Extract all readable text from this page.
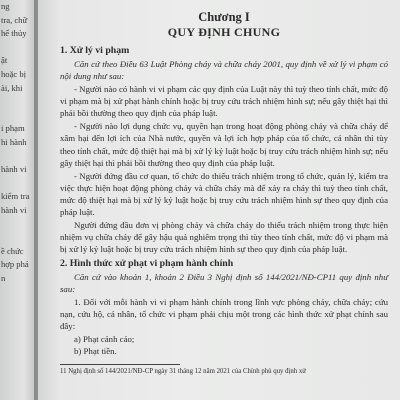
ng
tra, chữ
hể thủy

ật
hoặc bị
ài, khi

i phạm
hi hành

hành vi

kiểm tra
hành vi

ề chức
hợp phá
n

Chương I
QUY ĐỊNH CHUNG
1. Xử lý vi phạm
Căn cứ theo Điều 63 Luật Phòng cháy và chữa cháy 2001, quy định về xử lý vi phạm có nội dung như sau:
- Người nào có hành vi vi phạm các quy định của Luật này thì tuỳ theo tính chất, mức độ vi phạm mà bị xử phạt hành chính hoặc bị truy cứu trách nhiệm hình sự; nếu gây thiệt hại thì phải bồi thường theo quy định của pháp luật.
- Người nào lợi dụng chức vụ, quyền hạn trong hoạt động phòng cháy và chữa cháy để xâm hại đến lợi ích của Nhà nước, quyền và lợi ích hợp pháp của tổ chức, cá nhân thì tùy theo tính chất, mức độ thiệt hại mà bị xử lý kỷ luật hoặc bị truy cứu trách nhiệm hình sự; nếu gây thiệt hại thì phải bồi thường theo quy định của pháp luật.
- Người đứng đầu cơ quan, tổ chức do thiếu trách nhiệm trong tổ chức, quản lý, kiểm tra việc thực hiện hoạt động phòng cháy và chữa cháy mà để xảy ra cháy thì tuỳ theo tính chất, mức độ thiệt hại mà bị xử lý kỷ luật hoặc bị truy cứu trách nhiệm hình sự theo quy định của pháp luật.
Người đứng đầu đơn vị phòng cháy và chữa cháy do thiếu trách nhiệm trong thực hiện nhiệm vụ chữa cháy để gây hậu quả nghiêm trọng thì tùy theo tính chất, mức độ vi phạm mà bị xử lý kỷ luật hoặc bị truy cứu trách nhiệm hình sự theo quy định của pháp luật.
2. Hình thức xử phạt vi phạm hành chính
Căn cứ vào khoản 1, khoản 2 Điều 3 Nghị định số 144/2021/NĐ-CP11 quy định như sau:
1. Đối với mỗi hành vi vi phạm hành chính trong lĩnh vực phòng cháy, chữa cháy; cứu nạn, cứu hộ, cá nhân, tổ chức vi phạm phải chịu một trong các hình thức xử phạt chính sau đây:
a) Phạt cảnh cáo;
b) Phạt tiền.
11 Nghị định số 144/2021/NĐ-CP ngày 31 tháng 12 năm 2021 của Chính phủ quy định xử
